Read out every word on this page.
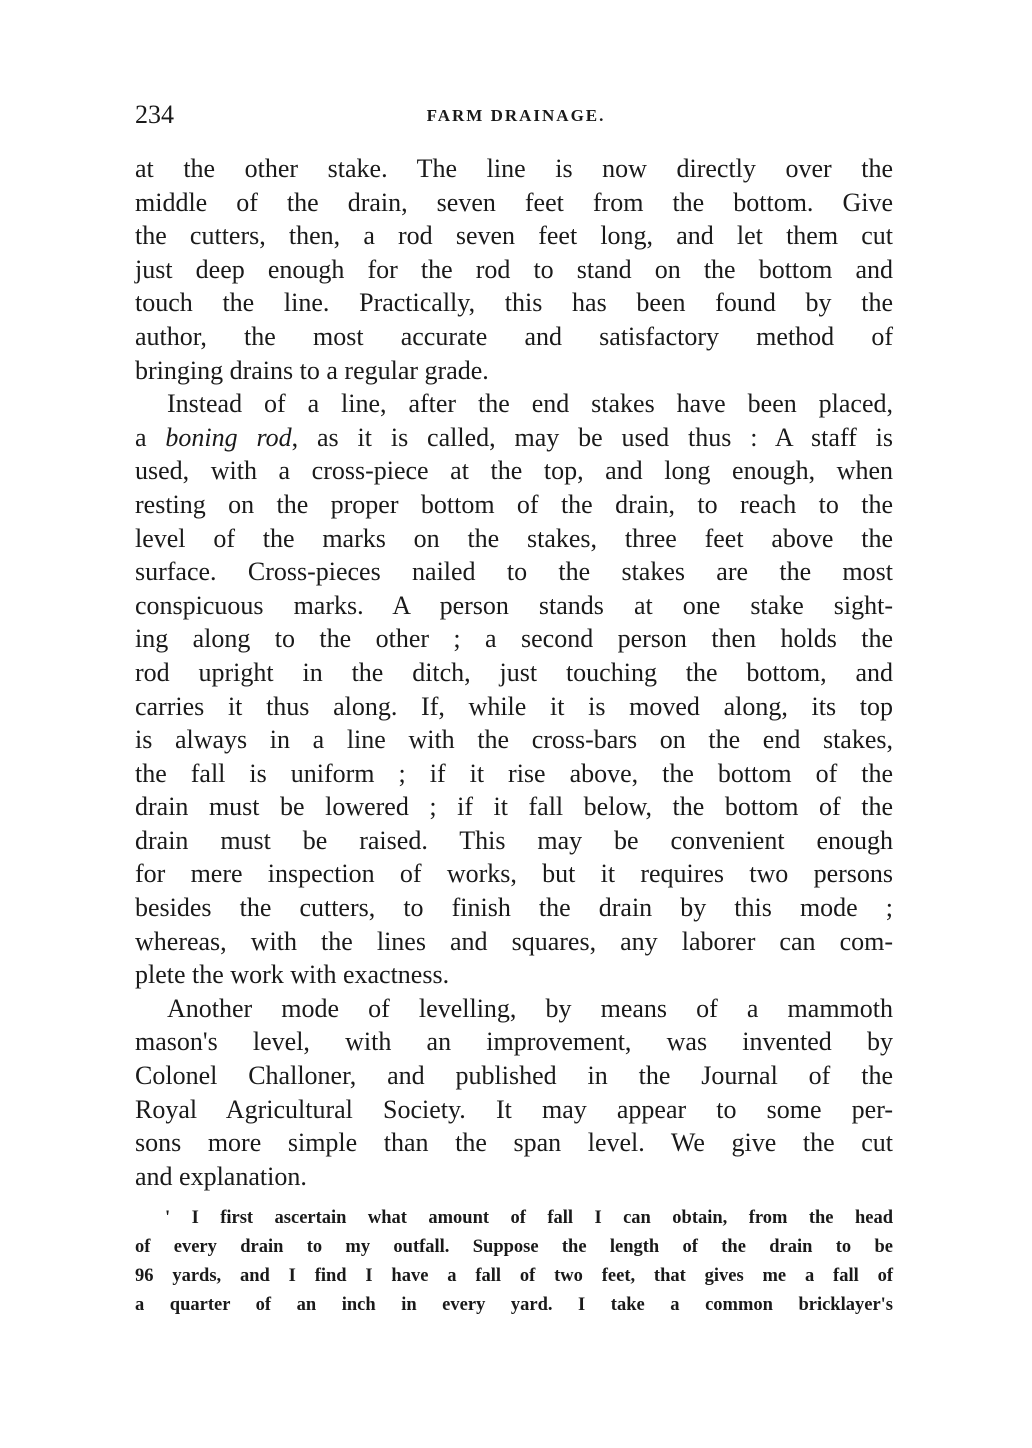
234	FARM DRAINAGE.
at the other stake. The line is now directly over the
middle of the drain, seven feet from the bottom. Give
the cutters, then, a rod seven feet long, and let them cut
just deep enough for the rod to stand on the bottom and
touch the line. Practically, this has been found by the
author, the most accurate and satisfactory method of
bringing drains to a regular grade.
Instead of a line, after the end stakes have been placed,
a boning rod, as it is called, may be used thus : A staff is
used, with a cross-piece at the top, and long enough, when
resting on the proper bottom of the drain, to reach to the
level of the marks on the stakes, three feet above the
surface. Cross-pieces nailed to the stakes are the most
conspicuous marks. A person stands at one stake sight-
ing along to the other ; a second person then holds the
rod upright in the ditch, just touching the bottom, and
carries it thus along. If, while it is moved along, its top
is always in a line with the cross-bars on the end stakes,
the fall is uniform ; if it rise above, the bottom of the
drain must be lowered ; if it fall below, the bottom of the
drain must be raised. This may be convenient enough
for mere inspection of works, but it requires two persons
besides the cutters, to finish the drain by this mode ;
whereas, with the lines and squares, any laborer can com-
plete the work with exactness.
Another mode of levelling, by means of a mammoth
mason's level, with an improvement, was invented by
Colonel Challoner, and published in the Journal of the
Royal Agricultural Society. It may appear to some per-
sons more simple than the span level. We give the cut
and explanation.
' I first ascertain what amount of fall I can obtain, from the head
of every drain to my outfall. Suppose the length of the drain to be
96 yards, and I find I have a fall of two feet, that gives me a fall of
a quarter of an inch in every yard. I take a common bricklayer's
